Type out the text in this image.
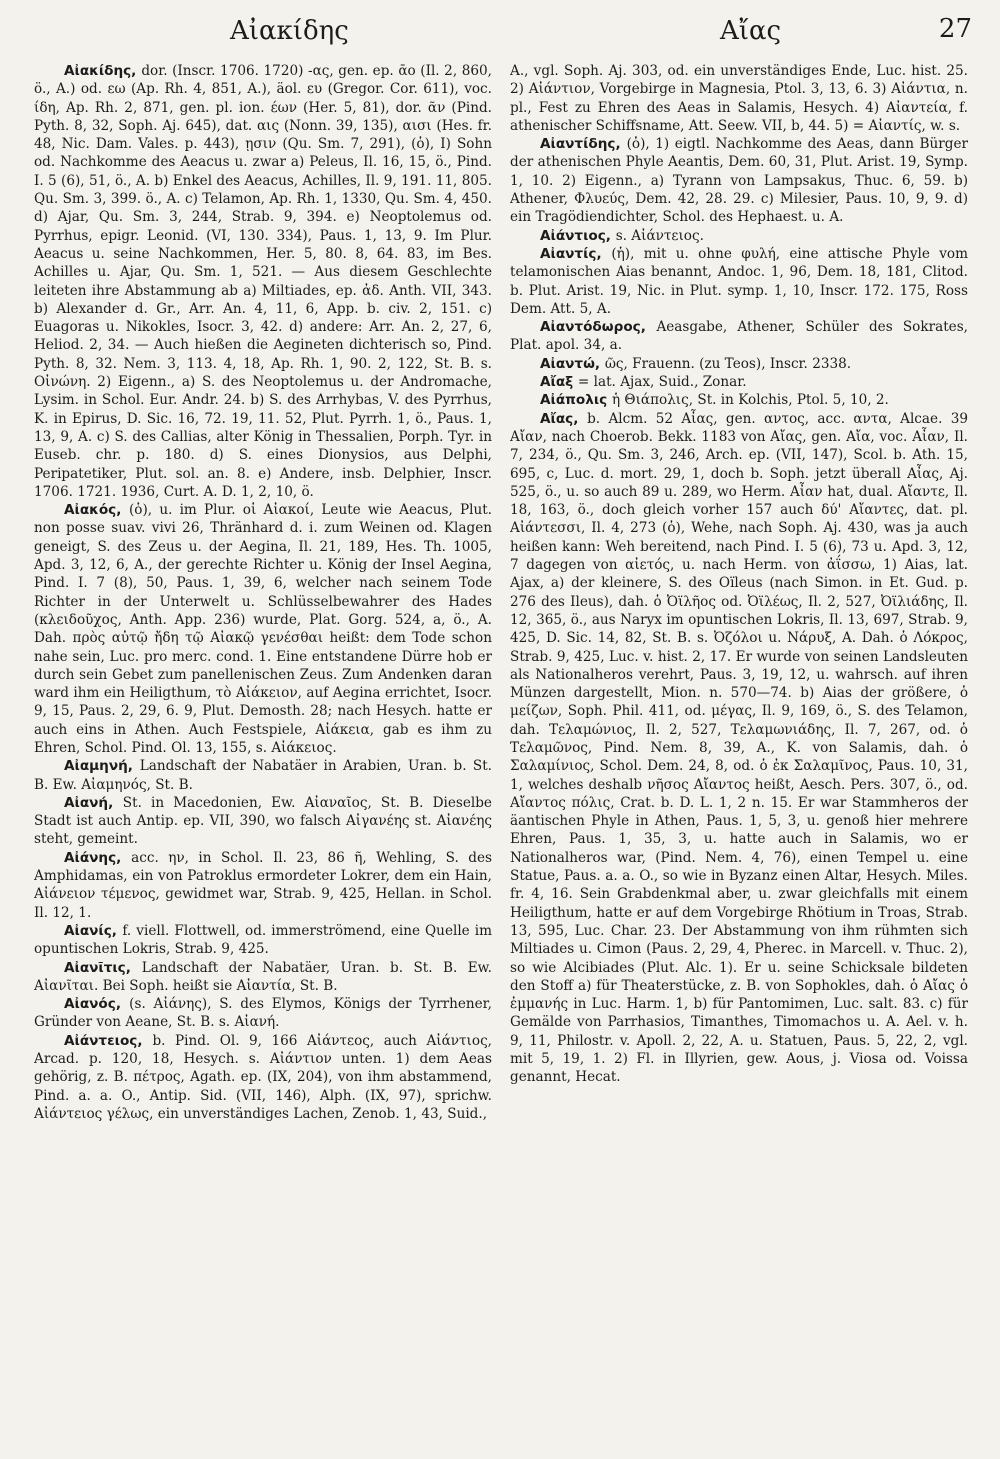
Αἰακίδης	Αἴας	27

Αἰακίδης, dor. (Inscr. 1706. 1720) -ας, gen. ep. ᾱο (Il. 2, 860, ö., A.) od. εω (Ap. Rh. 4, 851, A.), äol. ευ (Gregor. Cor. 611), voc. ίδη, Ap. Rh. 2, 871, gen. pl. ion. έων (Her. 5, 81), dor. ᾶν (Pind. Pyth. 8, 32, Soph. Aj. 645), dat. αις (Nonn. 39, 135), αισι (Hes. fr. 48, Nic. Dam. Vales. p. 443), ῃσιν (Qu. Sm. 7, 291), (ὁ), I) Sohn od. Nachkomme des Aeacus u. zwar a) Peleus, Il. 16, 15, ö., Pind. I. 5 (6), 51, ö., A. b) Enkel des Aeacus, Achilles, Il. 9, 191. 11, 805. Qu. Sm. 3, 399. ö., A. c) Telamon, Ap. Rh. 1, 1330, Qu. Sm. 4, 450. d) Ajar, Qu. Sm. 3, 244, Strab. 9, 394. e) Neoptolemus od. Pyrrhus, epigr. Leonid. (VI, 130. 334), Paus. 1, 13, 9. Im Plur. Aeacus u. seine Nachkommen, Her. 5, 80. 8, 64. 83, im Bes. Achilles u. Ajar, Qu. Sm. 1, 521. — Aus diesem Geschlechte leiteten ihre Abstammung ab a) Miltiades, ep. ἀδ. Anth. VII, 343. b) Alexander d. Gr., Arr. An. 4, 11, 6, App. b. civ. 2, 151. c) Euagoras u. Nikokles, Isocr. 3, 42. d) andere: Arr. An. 2, 27, 6, Heliod. 2, 34. — Auch hießen die Aegineten dichterisch so, Pind. Pyth. 8, 32. Nem. 3, 113. 4, 18, Ap. Rh. 1, 90. 2, 122, St. B. s. Οἰνώνη. 2) Eigenn., a) S. des Neoptolemus u. der Andromache, Lysim. in Schol. Eur. Andr. 24. b) S. des Arrhybas, V. des Pyrrhus, K. in Epirus, D. Sic. 16, 72. 19, 11. 52, Plut. Pyrrh. 1, ö., Paus. 1, 13, 9, A. c) S. des Callias, alter König in Thessalien, Porph. Tyr. in Euseb. chr. p. 180. d) S. eines Dionysios, aus Delphi, Peripatetiker, Plut. sol. an. 8. e) Andere, insb. Delphier, Inscr. 1706. 1721. 1936, Curt. A. D. 1, 2, 10, ö.

Αἰακός, (ὁ), u. im Plur. οἱ Αἰακοί, Leute wie Aeacus, Plut. non posse suav. vivi 26, Thränhard d. i. zum Weinen od. Klagen geneigt, S. des Zeus u. der Aegina, Il. 21, 189, Hes. Th. 1005, Apd. 3, 12, 6, A., der gerechte Richter u. König der Insel Aegina, Pind. I. 7 (8), 50, Paus. 1, 39, 6, welcher nach seinem Tode Richter in der Unterwelt u. Schlüsselbewahrer des Hades (κλειδοῦχος, Anth. App. 236) wurde, Plat. Gorg. 524, a, ö., A. Dah. πρὸς αὐτῷ ἤδη τῷ Αἰακῷ γενέσθαι heißt: dem Tode schon nahe sein, Luc. pro merc. cond. 1. Eine entstandene Dürre hob er durch sein Gebet zum panellenischen Zeus. Zum Andenken daran ward ihm ein Heiligthum, τὸ Αἰάκειον, auf Aegina errichtet, Isocr. 9, 15, Paus. 2, 29, 6. 9, Plut. Demosth. 28; nach Hesych. hatte er auch eins in Athen. Auch Festspiele, Αἰάκεια, gab es ihm zu Ehren, Schol. Pind. Ol. 13, 155, s. Αἰάκειος.

Αἰαμηνή, Landschaft der Nabatäer in Arabien, Uran. b. St. B. Ew. Αἰαμηνός, St. B.

Αἰανή, St. in Macedonien, Ew. Αἰαναῖος, St. B. Dieselbe Stadt ist auch Antip. ep. VII, 390, wo falsch Αἰγανέης st. Αἰανέης steht, gemeint.

Αἰάνης, acc. ην, in Schol. Il. 23, 86 ῆ, Wehling, S. des Amphidamas, ein von Patroklus ermordeter Lokrer, dem ein Hain, Αἰάνειον τέμενος, gewidmet war, Strab. 9, 425, Hellan. in Schol. Il. 12, 1.

Αἰανίς, f. viell. Flottwell, od. immerströmend, eine Quelle im opuntischen Lokris, Strab. 9, 425.

Αἰανῖτις, Landschaft der Nabatäer, Uran. b. St. B. Ew. Αἰανῖται. Bei Soph. heißt sie Αἰαντία, St. B.

Αἰανός, (s. Αἰάνης), S. des Elymos, Königs der Tyrrhener, Gründer von Aeane, St. B. s. Αἰανή.

Αἰάντειος, b. Pind. Ol. 9, 166 Αἰάντεος, auch Αἰάντιος, Arcad. p. 120, 18, Hesych. s. Αἰάντιον unten. 1) dem Aeas gehörig, z. B. πέτρος, Agath. ep. (IX, 204), von ihm abstammend, Pind. a. a. O., Antip. Sid. (VII, 146), Alph. (IX, 97), sprichw. Αἰάντειος γέλως, ein unverständiges Lachen, Zenob. 1, 43, Suid.,

A., vgl. Soph. Aj. 303, od. ein unverständiges Ende, Luc. hist. 25. 2) Αἰάντιον, Vorgebirge in Magnesia, Ptol. 3, 13, 6. 3) Αἰάντια, n. pl., Fest zu Ehren des Aeas in Salamis, Hesych. 4) Αἰαντεία, f. athenischer Schiffsname, Att. Seew. VII, b, 44. 5) = Αἰαντίς, w. s.

Αἰαντίδης, (ὁ), 1) eigtl. Nachkomme des Aeas, dann Bürger der athenischen Phyle Aeantis, Dem. 60, 31, Plut. Arist. 19, Symp. 1, 10. 2) Eigenn., a) Tyrann von Lampsakus, Thuc. 6, 59. b) Athener, Φλυεύς, Dem. 42, 28. 29. c) Milesier, Paus. 10, 9, 9. d) ein Tragödiendichter, Schol. des Hephaest. u. A.

Αἰάντιος, s. Αἰάντειος.

Αἰαντίς, (ἡ), mit u. ohne φυλή, eine attische Phyle vom telamonischen Aias benannt, Andoc. 1, 96, Dem. 18, 181, Clitod. b. Plut. Arist. 19, Nic. in Plut. symp. 1, 10, Inscr. 172. 175, Ross Dem. Att. 5, A.

Αἰαντόδωρος, Aeasgabe, Athener, Schüler des Sokrates, Plat. apol. 34, a.

Αἰαντώ, ῶς, Frauenn. (zu Teos), Inscr. 2338.

Αἴαξ = lat. Ajax, Suid., Zonar.

Αἰάπολις ἡ Θιάπολις, St. in Kolchis, Ptol. 5, 10, 2.

Αἴας, b. Alcm. 52 Αἶας, gen. αντος, acc. αντα, Alcae. 39 Αἴαν, nach Choerob. Bekk. 1183 von Αἴας, gen. Αἴα, voc. Αἶαν, Il. 7, 234, ö., Qu. Sm. 3, 246, Arch. ep. (VII, 147), Scol. b. Ath. 15, 695, c, Luc. d. mort. 29, 1, doch b. Soph. jetzt überall Αἶας, Aj. 525, ö., u. so auch 89 u. 289, wo Herm. Αἶαν hat, dual. Αἴαντε, Il. 18, 163, ö., doch gleich vorher 157 auch δύ' Αἴαντες, dat. pl. Αἰάντεσσι, Il. 4, 273 (ὁ), Wehe, nach Soph. Aj. 430, was ja auch heißen kann: Weh bereitend, nach Pind. I. 5 (6), 73 u. Apd. 3, 12, 7 dagegen von αἰετός, u. nach Herm. von ἀΐσσω, 1) Aias, lat. Ajax, a) der kleinere, S. des Oïleus (nach Simon. in Et. Gud. p. 276 des Ileus), dah. ὁ Ὀϊλῆος od. Ὀϊλέως, Il. 2, 527, Ὀϊλιάδης, Il. 12, 365, ö., aus Naryx im opuntischen Lokris, Il. 13, 697, Strab. 9, 425, D. Sic. 14, 82, St. B. s. Ὀζόλοι u. Νάρυξ, A. Dah. ὁ Λόκρος, Strab. 9, 425, Luc. v. hist. 2, 17. Er wurde von seinen Landsleuten als Nationalheros verehrt, Paus. 3, 19, 12, u. wahrsch. auf ihren Münzen dargestellt, Mion. n. 570—74. b) Aias der größere, ὁ μείζων, Soph. Phil. 411, od. μέγας, Il. 9, 169, ö., S. des Telamon, dah. Τελαμώνιος, Il. 2, 527, Τελαμωνιάδης, Il. 7, 267, od. ὁ Τελαμῶνος, Pind. Nem. 8, 39, A., K. von Salamis, dah. ὁ Σαλαμίνιος, Schol. Dem. 24, 8, od. ὁ ἐκ Σαλαμῖνος, Paus. 10, 31, 1, welches deshalb νῆσος Αἴαντος heißt, Aesch. Pers. 307, ö., od. Αἴαντος πόλις, Crat. b. D. L. 1, 2 n. 15. Er war Stammheros der äantischen Phyle in Athen, Paus. 1, 5, 3, u. genoß hier mehrere Ehren, Paus. 1, 35, 3, u. hatte auch in Salamis, wo er Nationalheros war, (Pind. Nem. 4, 76), einen Tempel u. eine Statue, Paus. a. a. O., so wie in Byzanz einen Altar, Hesych. Miles. fr. 4, 16. Sein Grabdenkmal aber, u. zwar gleichfalls mit einem Heiligthum, hatte er auf dem Vorgebirge Rhötium in Troas, Strab. 13, 595, Luc. Char. 23. Der Abstammung von ihm rühmten sich Miltiades u. Cimon (Paus. 2, 29, 4, Pherec. in Marcell. v. Thuc. 2), so wie Alcibiades (Plut. Alc. 1). Er u. seine Schicksale bildeten den Stoff a) für Theaterstücke, z. B. von Sophokles, dah. ὁ Αἴας ὁ ἐμμανής in Luc. Harm. 1, b) für Pantomimen, Luc. salt. 83. c) für Gemälde von Parrhasios, Timanthes, Timomachos u. A. Ael. v. h. 9, 11, Philostr. v. Apoll. 2, 22, A. u. Statuen, Paus. 5, 22, 2, vgl. mit 5, 19, 1. 2) Fl. in Illyrien, gew. Aous, j. Viosa od. Voissa genannt, Hecat.
